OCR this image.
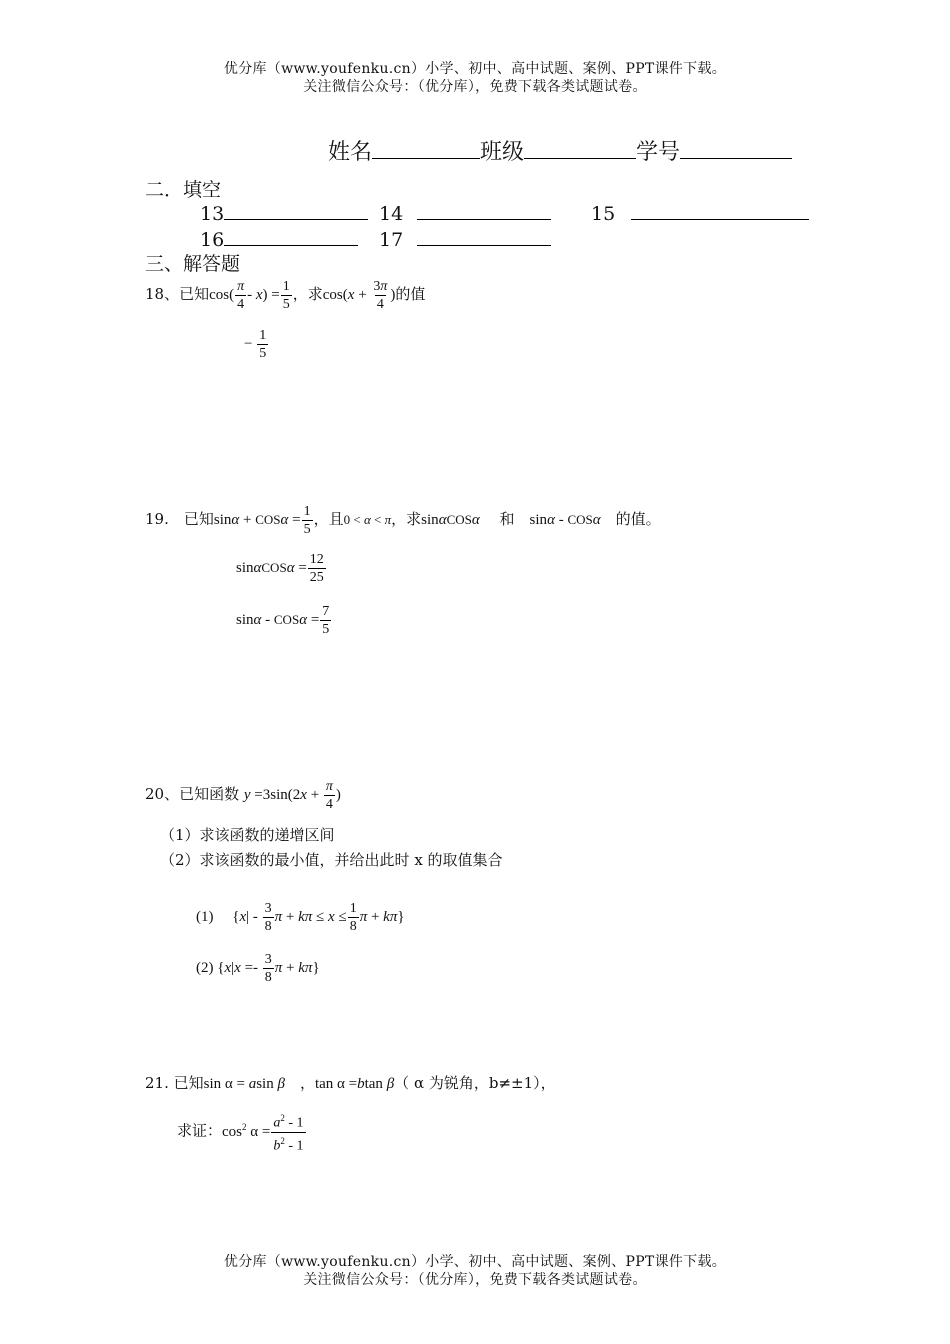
优分库（www.youfenku.cn）小学、初中、高中试题、案例、PPT课件下载。
关注微信公众号：（优分库），免费下载各类试题试卷。
姓名	班级	学号
二．填空
13	14	15
16	17
三、解答题
18、已知$\cos( \frac{\pi}{4} - x) = \frac{1}{5}$ ，求$\cos(x + \frac{3\pi}{4}$ )的值
− $\frac{1}{5}$
19.　已知$\sin\alpha + COS\alpha = \frac{1}{5}$ ，且0 < α < π，求sinαCOSα 　 和　 sinα - COSα　 的值。
$\sin\alpha COS\alpha = \frac{12}{25}$
$\sin\alpha - COS\alpha = \frac{7}{5}$
20、已知函数 $y =3\sin(2x + \frac{\pi}{4}$ )
（1）求该函数的递增区间
（2）求该函数的最小值，并给出此时 x 的取值集合
(1) 　{$x| - \frac{3}{8}$ $\pi + k\pi \le x \le \frac{1}{8}$ π + kπ}
(2) {$x|x =- \frac{3}{8}$ π + kπ}
21. 已知sin α = asin β　，tan α =btan β（ α 为锐角，b≠±1），
求证：$\cos^2 \alpha = \frac{a^2 - 1}{b^2 - 1}$
优分库（www.youfenku.cn）小学、初中、高中试题、案例、PPT课件下载。
关注微信公众号：（优分库），免费下载各类试题试卷。
